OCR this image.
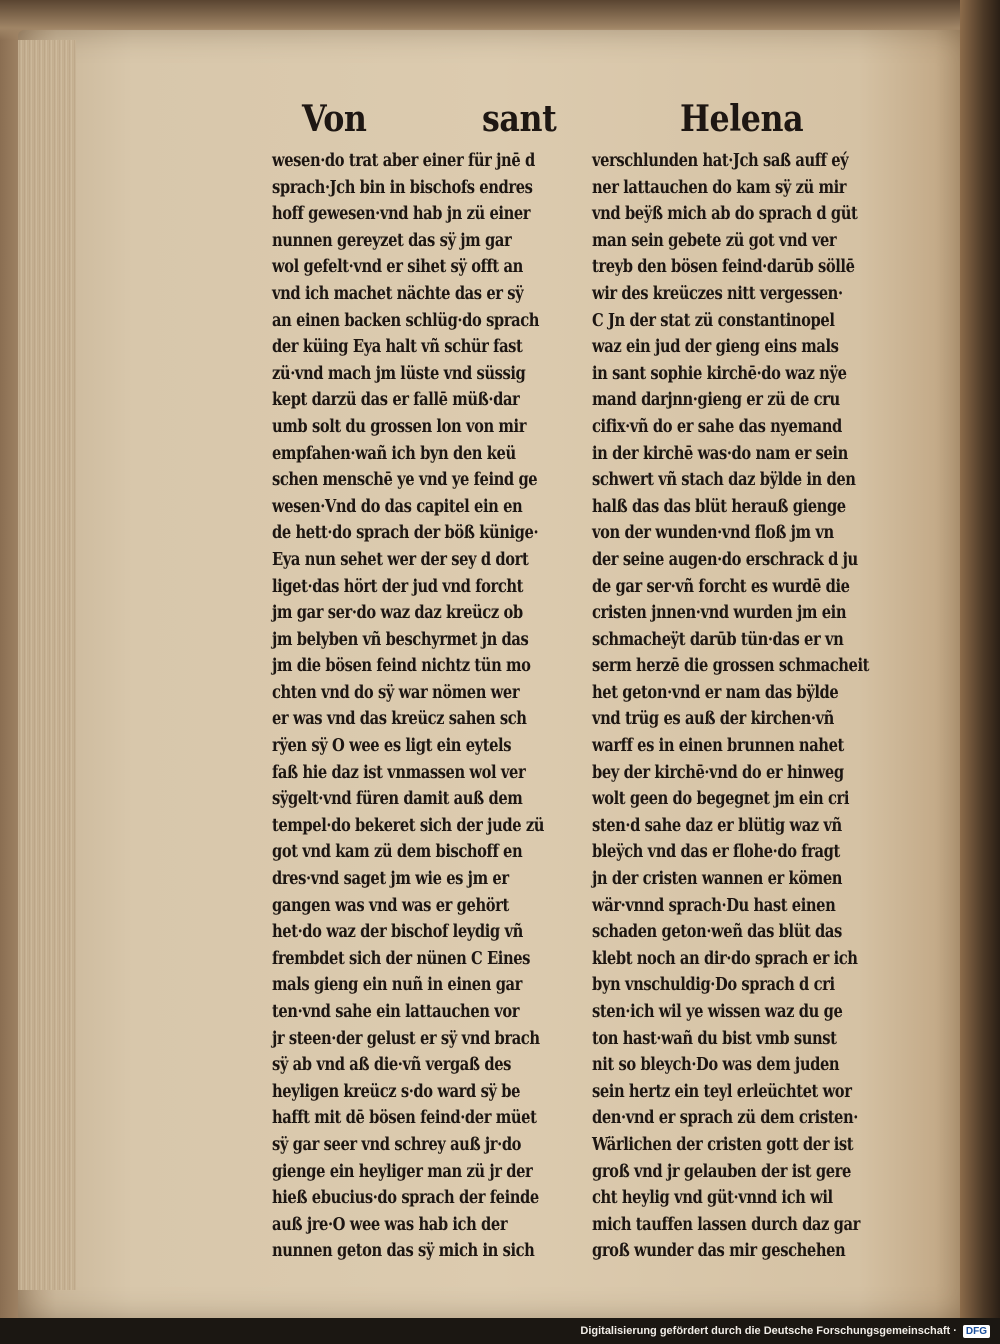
Von	sant	Helena
wesen·do trat aber einer für jnē d
sprach·Jch bin in bischofs endres
hoff gewesen·vnd hab jn zü einer
nunnen gereyzet das sÿ jm gar
wol gefelt·vnd er sihet sÿ offt an
vnd ich machet nächte das er sÿ
an einen backen schlüg·do sprach
der küing Eya halt vñ schür fast
zü·vnd mach jm lüste vnd süssig
kept darzü das er fallē müß·dar
umb solt du grossen lon von mir
empfahen·wañ ich byn den keü
schen menschē ye vnd ye feind ge
wesen·Vnd do das capitel ein en
de hett·do sprach der böß künige·
Eya nun sehet wer der sey d dort
liget·das hört der jud vnd forcht
jm gar ser·do waz daz kreücz ob
jm belyben vñ beschyrmet jn das
jm die bösen feind nichtz tün mo
chten vnd do sÿ war nömen wer
er was vnd das kreücz sahen sch
rÿen sÿ O wee es ligt ein eytels
faß hie daz ist vnmassen wol ver
sÿgelt·vnd füren damit auß dem
tempel·do bekeret sich der jude zü
got vnd kam zü dem bischoff en
dres·vnd saget jm wie es jm er
gangen was vnd was er gehört
het·do waz der bischof leydig vñ
frembdet sich der nünen C Eines
mals gieng ein nuñ in einen gar
ten·vnd sahe ein lattauchen vor
jr steen·der gelust er sÿ vnd brach
sÿ ab vnd aß die·vñ vergaß des
heyligen kreücz s·do ward sÿ be
hafft mit dē bösen feind·der müet
sÿ gar seer vnd schrey auß jr·do
gienge ein heyliger man zü jr der
hieß ebucius·do sprach der feinde
auß jre·O wee was hab ich der
nunnen geton das sÿ mich in sich
verschlunden hat·Jch saß auff eý
ner lattauchen do kam sÿ zü mir
vnd beÿß mich ab do sprach d güt
man sein gebete zü got vnd ver
treyb den bösen feind·darūb söllē
wir des kreüczes nitt vergessen·
C Jn der stat zü constantinopel
waz ein jud der gieng eins mals
in sant sophie kirchē·do waz nÿe
mand darjnn·gieng er zü de cru
cifix·vñ do er sahe das nyemand
in der kirchē was·do nam er sein
schwert vñ stach daz bÿlde in den
halß das das blüt herauß gienge
von der wunden·vnd floß jm vn
der seine augen·do erschrack d ju
de gar ser·vñ forcht es wurdē die
cristen jnnen·vnd wurden jm ein
schmacheÿt darūb tün·das er vn
serm herzē die grossen schmacheit
het geton·vnd er nam das bÿlde
vnd trüg es auß der kirchen·vñ
warff es in einen brunnen nahet
bey der kirchē·vnd do er hinweg
wolt geen do begegnet jm ein cri
sten·d sahe daz er blütig waz vñ
bleÿch vnd das er flohe·do fragt
jn der cristen wannen er kömen
wär·vnnd sprach·Du hast einen
schaden geton·weñ das blüt das
klebt noch an dir·do sprach er ich
byn vnschuldig·Do sprach d cri
sten·ich wil ye wissen waz du ge
ton hast·wañ du bist vmb sunst
nit so bleych·Do was dem juden
sein hertz ein teyl erleüchtet wor
den·vnd er sprach zü dem cristen·
Wärlichen der cristen gott der ist
groß vnd jr gelauben der ist gere
cht heylig vnd güt·vnnd ich wil
mich tauffen lassen durch daz gar
groß wunder das mir geschehen
Digitalisierung gefördert durch die Deutsche Forschungsgemeinschaft · DFG
